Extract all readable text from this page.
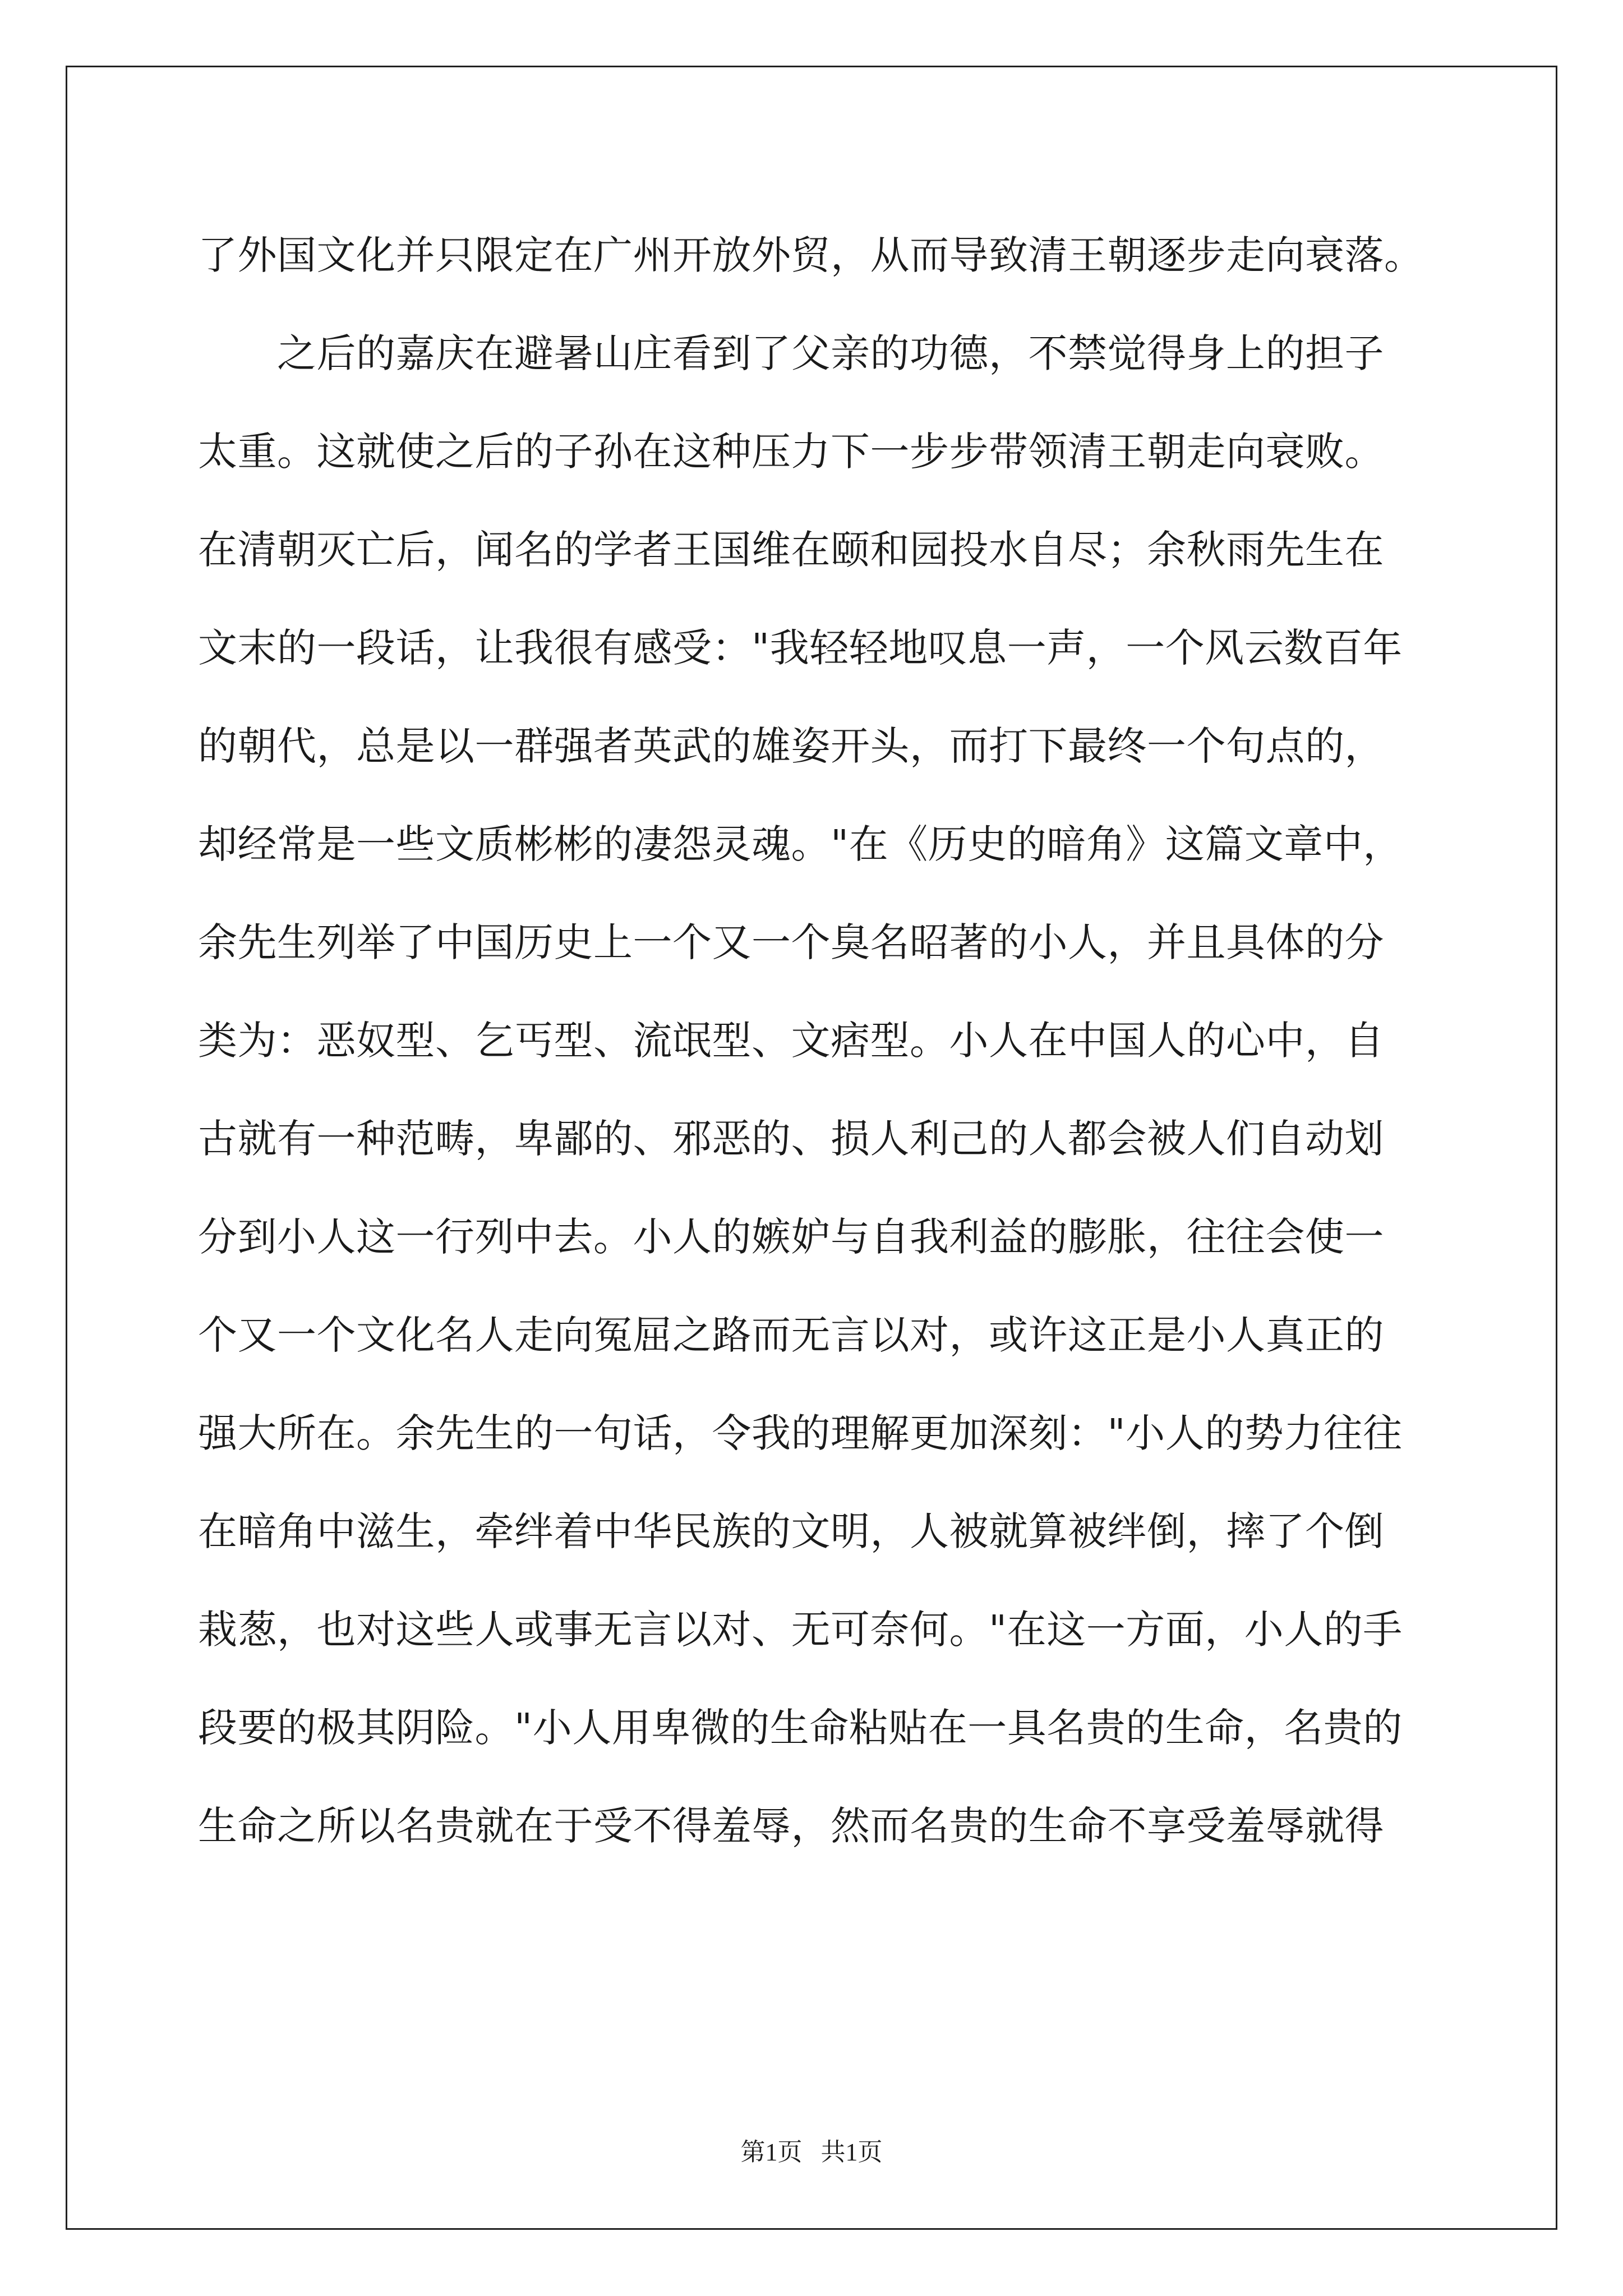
了外国文化并只限定在广州开放外贸，从而导致清王朝逐步走向衰落。
　　之后的嘉庆在避暑山庄看到了父亲的功德，不禁觉得身上的担子
太重。这就使之后的子孙在这种压力下一步步带领清王朝走向衰败。
在清朝灭亡后，闻名的学者王国维在颐和园投水自尽；余秋雨先生在
文末的一段话，让我很有感受："我轻轻地叹息一声，一个风云数百年
的朝代，总是以一群强者英武的雄姿开头，而打下最终一个句点的，
却经常是一些文质彬彬的凄怨灵魂。"在《历史的暗角》这篇文章中，
余先生列举了中国历史上一个又一个臭名昭著的小人，并且具体的分
类为：恶奴型、乞丐型、流氓型、文痞型。小人在中国人的心中，自
古就有一种范畴，卑鄙的、邪恶的、损人利己的人都会被人们自动划
分到小人这一行列中去。小人的嫉妒与自我利益的膨胀，往往会使一
个又一个文化名人走向冤屈之路而无言以对，或许这正是小人真正的
强大所在。余先生的一句话，令我的理解更加深刻："小人的势力往往
在暗角中滋生，牵绊着中华民族的文明，人被就算被绊倒，摔了个倒
栽葱，也对这些人或事无言以对、无可奈何。"在这一方面，小人的手
段要的极其阴险。"小人用卑微的生命粘贴在一具名贵的生命，名贵的
生命之所以名贵就在于受不得羞辱，然而名贵的生命不享受羞辱就得
第1页   共1页
